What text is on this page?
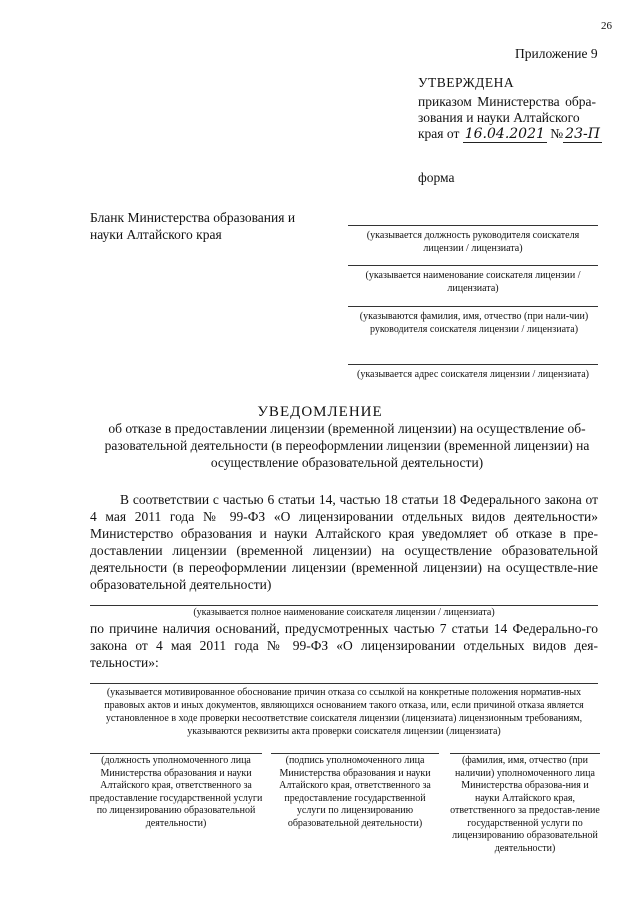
26
Приложение 9
УТВЕРЖДЕНА
приказом Министерства обра-зования и науки Алтайского
края от 16.04.2021 № 23-П
форма
Бланк Министерства образования и науки Алтайского края	(указывается должность руководителя соискателя лицензии / лицензиата)
(указывается наименование соискателя лицензии / лицензиата)
(указываются фамилия, имя, отчество (при нали-чии) руководителя соискателя лицензии / лицензиата)
(указывается адрес соискателя лицензии / лицензиата)
УВЕДОМЛЕНИЕ
об отказе в предоставлении лицензии (временной лицензии) на осуществление об-разовательной деятельности (в переоформлении лицензии (временной лицензии) на осуществление образовательной деятельности)
В соответствии с частью 6 статьи 14, частью 18 статьи 18 Федерального закона от 4 мая 2011 года № 99-ФЗ «О лицензировании отдельных видов деятельности» Министерство образования и науки Алтайского края уведомляет об отказе в пре-доставлении лицензии (временной лицензии) на осуществление образовательной деятельности (в переоформлении лицензии (временной лицензии) на осуществле-ние образовательной деятельности)
(указывается полное наименование соискателя лицензии / лицензиата)
по причине наличия оснований, предусмотренных частью 7 статьи 14 Федерально-го закона от 4 мая 2011 года № 99-ФЗ «О лицензировании отдельных видов дея-тельности»:
(указывается мотивированное обоснование причин отказа со ссылкой на конкретные положения норматив-ных правовых актов и иных документов, являющихся основанием такого отказа, или, если причиной отказа является установленное в ходе проверки несоответствие соискателя лицензии (лицензиата) лицензионным требованиям, указываются реквизиты акта проверки соискателя лицензии (лицензиата)
(должность уполномоченного лица Министерства образования и науки Алтайского края, ответственного за предоставление государственной услуги по лицензированию образовательной деятельности)
(подпись уполномоченного лица Министерства образования и науки Алтайского края, ответственного за предоставление государственной услуги по лицензированию образовательной деятельности)
(фамилия, имя, отчество (при наличии) уполномоченного лица Министерства образова-ния и науки Алтайского края, ответственного за предостав-ление государственной услуги по лицензированию образовательной деятельности)
